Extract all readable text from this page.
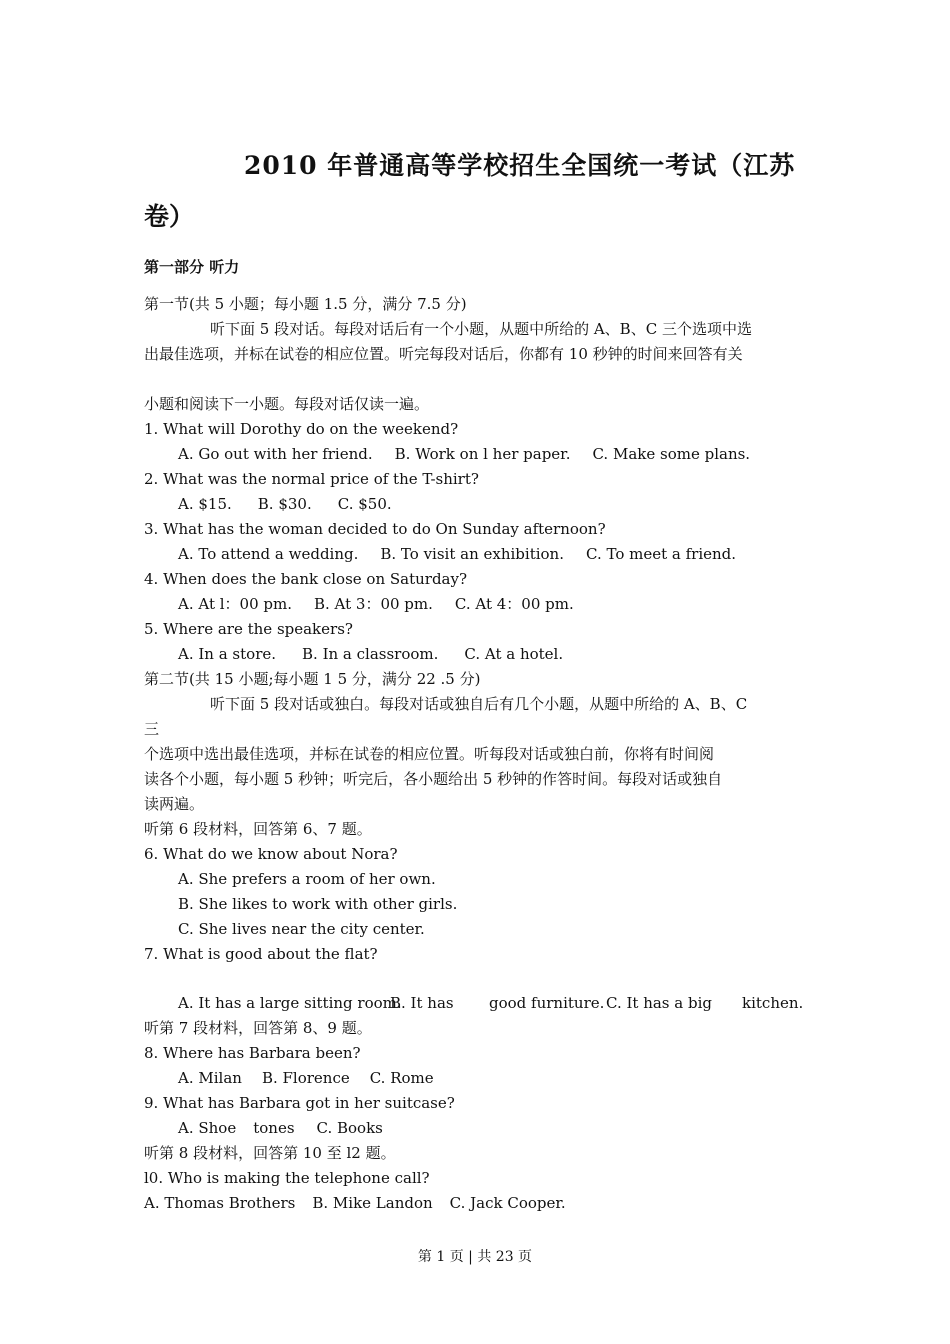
2010 年普通高等学校招生全国统一考试（江苏
卷）
第一部分 听力
第一节(共 5 小题；每小题 1.5 分，满分 7.5 分)
听下面 5 段对话。每段对话后有一个小题，从题中所给的 A、B、C 三个选项中选
出最佳选项，并标在试卷的相应位置。听完每段对话后，你都有 10 秒钟的时间来回答有关
小题和阅读下一小题。每段对话仅读一遍。
1. What will Dorothy do on the weekend?
A. Go out with her friend. B. Work on l her paper. C. Make some plans.
2. What was the normal price of the T-shirt?
A. $15. B. $30. C. $50.
3. What has the woman decided to do On Sunday afternoon?
A. To attend a wedding. B. To visit an exhibition. C. To meet a friend.
4. When does the bank close on Saturday?
A. At l：00 pm. B. At 3：00 pm. C. At 4：00 pm.
5. Where are the speakers?
A. In a store. B. In a classroom. C. At a hotel.
第二节(共 15 小题;每小题 1 5 分，满分 22 .5 分)
听下面 5 段对话或独白。每段对话或独自后有几个小题，从题中所给的 A、B、C
三
个选项中选出最佳选项，并标在试卷的相应位置。听每段对话或独白前，你将有时间阅
读各个小题，每小题 5 秒钟；听完后，各小题给出 5 秒钟的作答时间。每段对话或独自
读两遍。
听第 6 段材料，回答第 6、7 题。
6. What do we know about Nora?
A. She prefers a room of her own.
B. She likes to work with other girls.
C. She lives near the city center.
7. What is good about the flat?
A. It has a large sitting room.
B. It has good furniture. C. It has a big kitchen.
听第 7 段材料，回答第 8、9 题。
8. Where has Barbara been?
A. Milan B. Florence C. Rome
9. What has Barbara got in her suitcase?
A. Shoe tones C. Books
听第 8 段材料，回答第 10 至 l2 题。
l0. Who is making the telephone call?
A. Thomas Brothers B. Mike Landon C. Jack Cooper.
第 1 页 | 共 23 页
